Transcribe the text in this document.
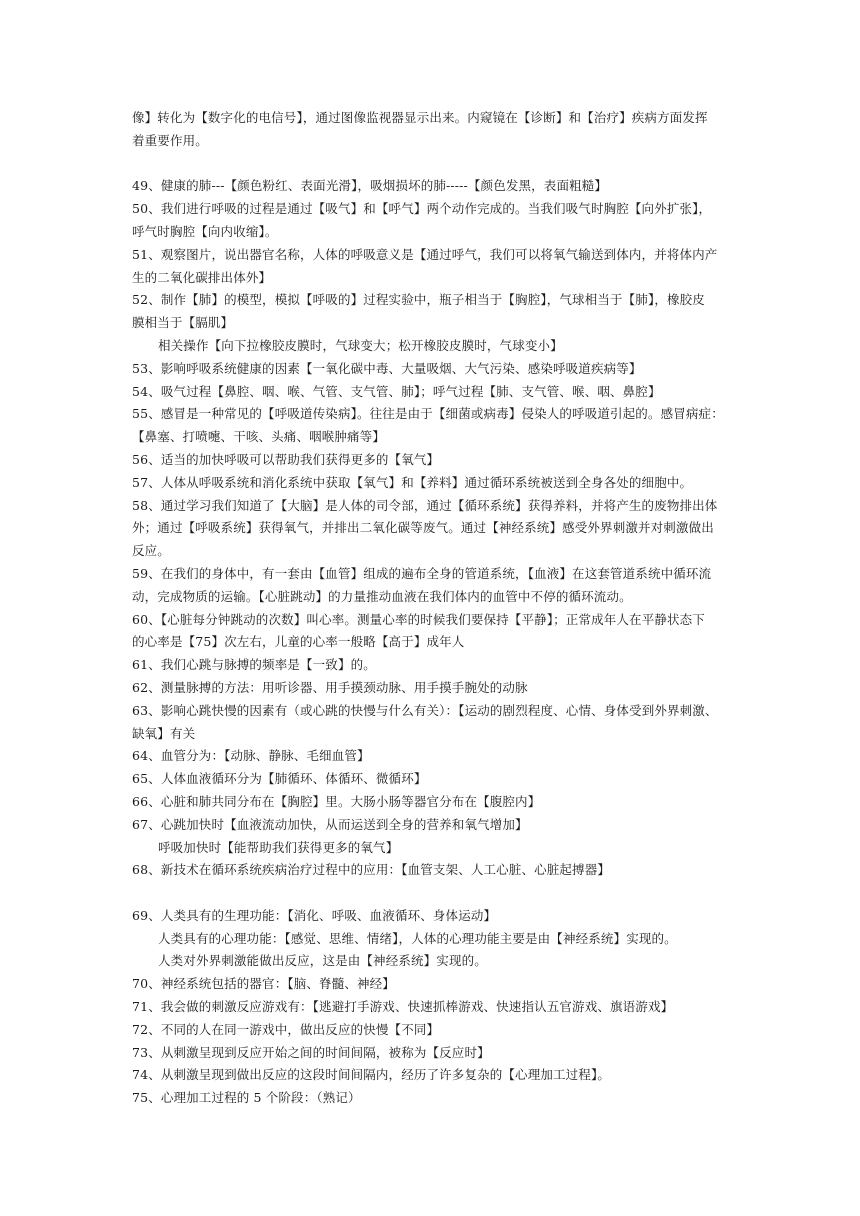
像】转化为【数字化的电信号】，通过图像监视器显示出来。内窥镜在【诊断】和【治疗】疾病方面发挥
着重要作用。
49、健康的肺---【颜色粉红、表面光滑】，吸烟损坏的肺-----【颜色发黑，表面粗糙】
50、我们进行呼吸的过程是通过【吸气】和【呼气】两个动作完成的。当我们吸气时胸腔【向外扩张】，
呼气时胸腔【向内收缩】。
51、观察图片，说出器官名称，人体的呼吸意义是【通过呼气，我们可以将氧气输送到体内，并将体内产
生的二氧化碳排出体外】
52、制作【肺】的模型，模拟【呼吸的】过程实验中，瓶子相当于【胸腔】，气球相当于【肺】，橡胶皮
膜相当于【膈肌】
相关操作【向下拉橡胶皮膜时，气球变大；松开橡胶皮膜时，气球变小】
53、影响呼吸系统健康的因素【一氧化碳中毒、大量吸烟、大气污染、感染呼吸道疾病等】
54、吸气过程【鼻腔、咽、喉、气管、支气管、肺】；呼气过程【肺、支气管、喉、咽、鼻腔】
55、感冒是一种常见的【呼吸道传染病】。往往是由于【细菌或病毒】侵染人的呼吸道引起的。感冒病症：
【鼻塞、打喷嚏、干咳、头痛、咽喉肿痛等】
56、适当的加快呼吸可以帮助我们获得更多的【氧气】
57、人体从呼吸系统和消化系统中获取【氧气】和【养料】通过循环系统被送到全身各处的细胞中。
58、通过学习我们知道了【大脑】是人体的司令部，通过【循环系统】获得养料，并将产生的废物排出体
外；通过【呼吸系统】获得氧气，并排出二氧化碳等废气。通过【神经系统】感受外界刺激并对刺激做出
反应。
59、在我们的身体中，有一套由【血管】组成的遍布全身的管道系统，【血液】在这套管道系统中循环流
动，完成物质的运输。【心脏跳动】的力量推动血液在我们体内的血管中不停的循环流动。
60、【心脏每分钟跳动的次数】叫心率。测量心率的时候我们要保持【平静】；正常成年人在平静状态下
的心率是【75】次左右，儿童的心率一般略【高于】成年人
61、我们心跳与脉搏的频率是【一致】的。
62、测量脉搏的方法：用听诊器、用手摸颈动脉、用手摸手腕处的动脉
63、影响心跳快慢的因素有（或心跳的快慢与什么有关）：【运动的剧烈程度、心情、身体受到外界刺激、
缺氧】有关
64、血管分为：【动脉、静脉、毛细血管】
65、人体血液循环分为【肺循环、体循环、微循环】
66、心脏和肺共同分布在【胸腔】里。大肠小肠等器官分布在【腹腔内】
67、心跳加快时【血液流动加快，从而运送到全身的营养和氧气增加】
呼吸加快时【能帮助我们获得更多的氧气】
68、新技术在循环系统疾病治疗过程中的应用：【血管支架、人工心脏、心脏起搏器】
69、人类具有的生理功能：【消化、呼吸、血液循环、身体运动】
人类具有的心理功能：【感觉、思维、情绪】，人体的心理功能主要是由【神经系统】实现的。
人类对外界刺激能做出反应，这是由【神经系统】实现的。
70、神经系统包括的器官：【脑、脊髓、神经】
71、我会做的刺激反应游戏有：【逃避打手游戏、快速抓棒游戏、快速指认五官游戏、旗语游戏】
72、不同的人在同一游戏中，做出反应的快慢【不同】
73、从刺激呈现到反应开始之间的时间间隔，被称为【反应时】
74、从刺激呈现到做出反应的这段时间间隔内，经历了许多复杂的【心理加工过程】。
75、心理加工过程的 5 个阶段：（熟记）
